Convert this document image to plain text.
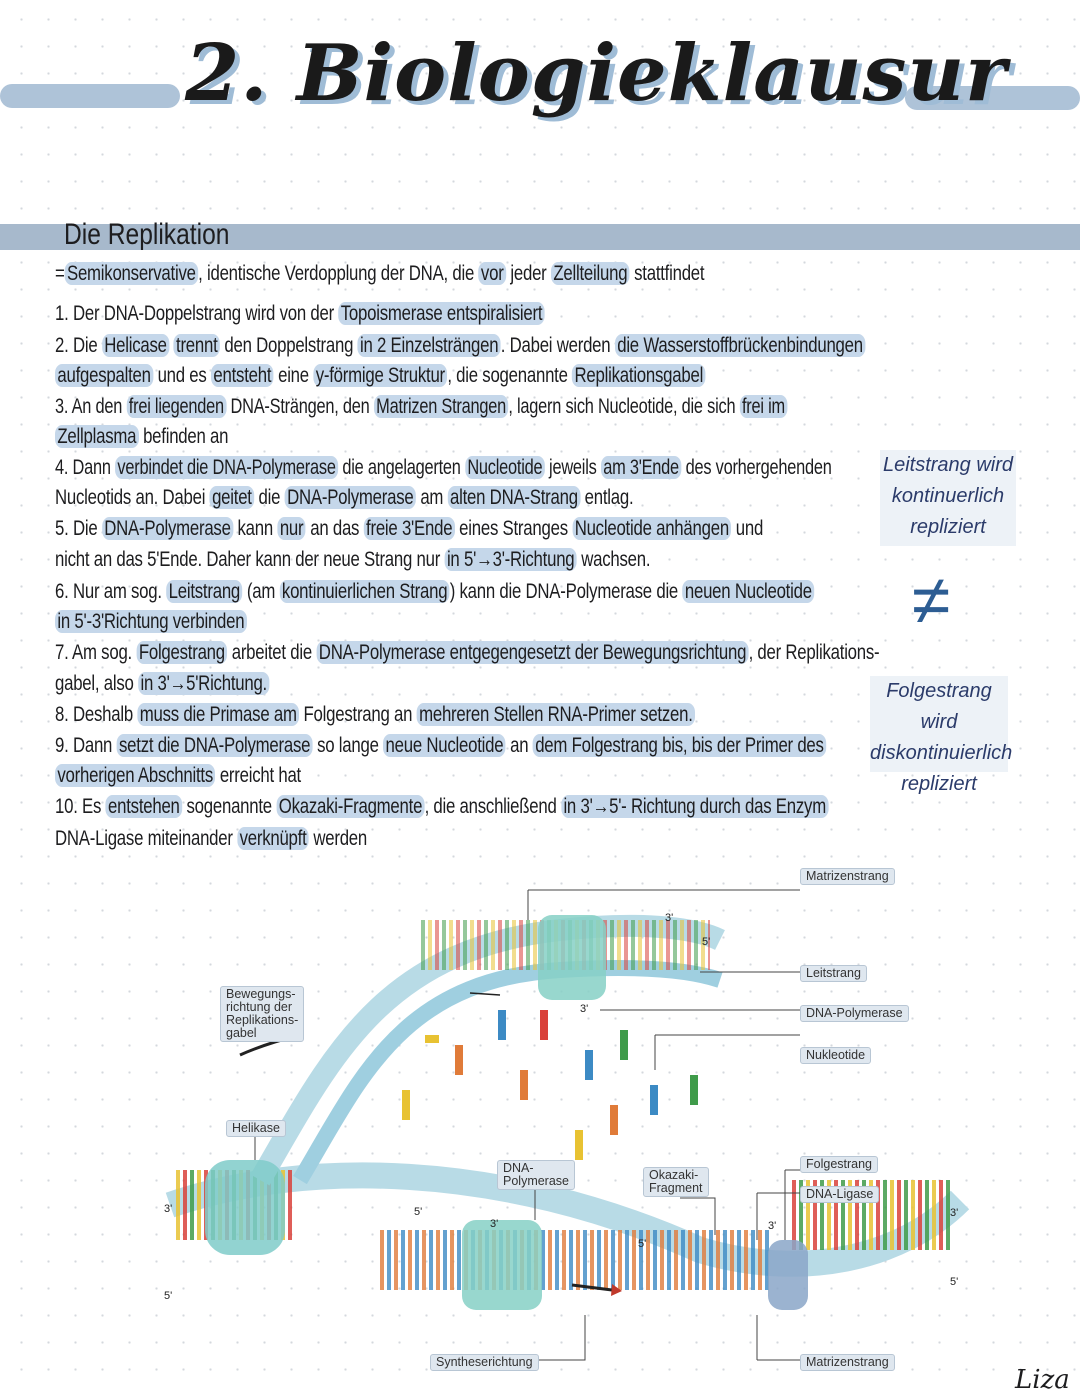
2. Biologieklausur
Die Replikation
= Semikonservative , identische Verdopplung der DNA, die vor jeder Zellteilung stattfindet
1. Der DNA-Doppelstrang wird von der Topoismerase entspiralisiert
2. Die Helicase trennt den Doppelstrang in 2 Einzelsträngen . Dabei werden die Wasserstoffbrückenbindungen
aufgespalten und es entsteht eine y-förmige Struktur , die sogenannte Replikationsgabel
3. An den frei liegenden DNA-Strängen, den Matrizen Strangen , lagern sich Nucleotide, die sich frei im
Zellplasma befinden an
4. Dann verbindet die DNA-Polymerase die angelagerten Nucleotide jeweils am 3'Ende des vorhergehenden
Nucleotids an. Dabei geitet die DNA-Polymerase am alten DNA-Strang entlag.
5. Die DNA-Polymerase kann nur an das freie 3'Ende eines Stranges Nucleotide anhängen und
nicht an das 5'Ende. Daher kann der neue Strang nur in 5'→3'-Richtung wachsen.
6. Nur am sog. Leitstrang (am kontinuierlichen Strang ) kann die DNA-Polymerase die neuen Nucleotide
in 5'-3'Richtung verbinden
7. Am sog. Folgestrang arbeitet die DNA-Polymerase entgegengesetzt der Bewegungsrichtung , der Replikations-
gabel, also in 3'→5'Richtung.
8. Deshalb muss die Primase am Folgestrang an mehreren Stellen RNA-Primer setzen.
9. Dann setzt die DNA-Polymerase so lange neue Nucleotide an dem Folgestrang bis, bis der Primer des
vorherigen Abschnitts erreicht hat
10. Es entstehen sogenannte Okazaki-Fragmente , die anschließend in 3'→5'- Richtung durch das Enzym
DNA-Ligase miteinander verknüpft werden
Leitstrang wird
kontinuerlich
repliziert
≠
Folgestrang wird
diskontinuierlich
repliziert
Matrizenstrang
Leitstrang
DNA-Polymerase
Nukleotide
Bewegungs-
richtung der
Replikations-
gabel
Helikase
DNA-
Polymerase	Okazaki-
Fragment
Folgestrang
DNA-Ligase
Syntheserichtung	Matrizenstrang
3'
5'
3'
5'
3'
5'
3'
5'
3'
3'
5'
Liza
